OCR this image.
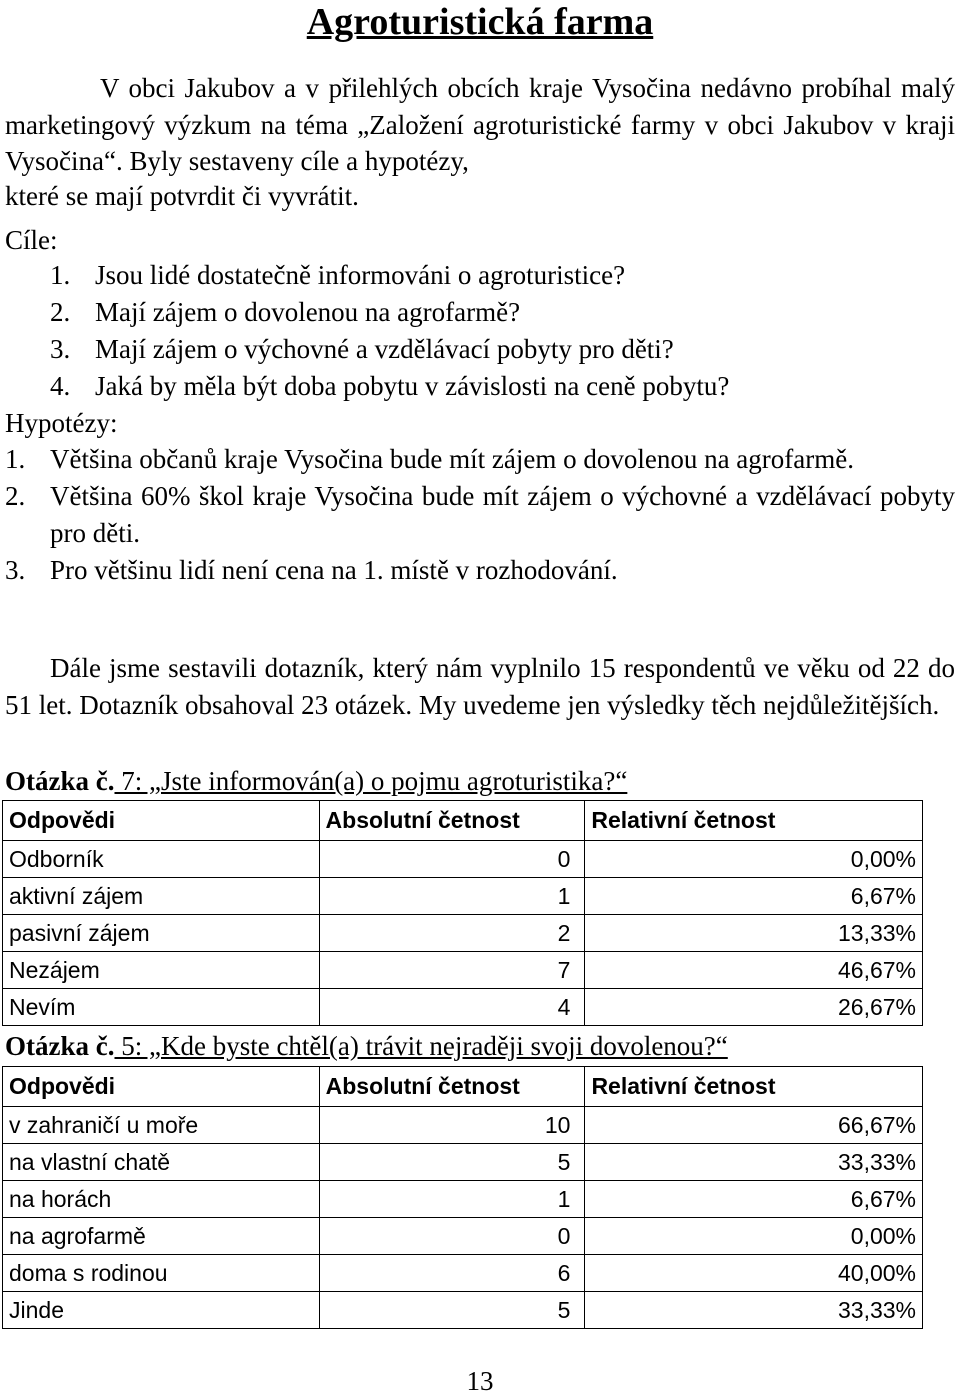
Agroturistická farma

V obci Jakubov a v přilehlých obcích kraje Vysočina nedávno probíhal malý marketingový výzkum na téma „Založení agroturistické farmy v obci Jakubov v kraji Vysočina“. Byly sestaveny cíle a hypotézy,

které se mají potvrdit či vyvrátit.

Cíle:
1. Jsou lidé dostatečně informováni o agroturistice?
2. Mají zájem o dovolenou na agrofarmě?
3. Mají zájem o výchovné a vzdělávací pobyty pro děti?
4. Jaká by měla být doba pobytu v závislosti na ceně pobytu?
Hypotézy:
1. Většina občanů kraje Vysočina bude mít zájem o dovolenou na agrofarmě.
2. Většina 60% škol kraje Vysočina bude mít zájem o výchovné a vzdělávací pobyty pro děti.
3. Pro většinu lidí není cena na 1. místě v rozhodování.

Dále jsme sestavili dotazník, který nám vyplnilo 15 respondentů ve věku od 22 do 51 let. Dotazník obsahoval 23 otázek. My uvedeme jen výsledky těch nejdůležitějších.

Otázka č. 7: „Jste informován(a) o pojmu agroturistika?“
Odpovědi	Absolutní četnost	Relativní četnost
Odborník	0	0,00%
aktivní zájem	1	6,67%
pasivní zájem	2	13,33%
Nezájem	7	46,67%
Nevím	4	26,67%
Otázka č. 5: „Kde byste chtěl(a) trávit nejraději svoji dovolenou?“
Odpovědi	Absolutní četnost	Relativní četnost
v zahraničí u moře	10	66,67%
na vlastní chatě	5	33,33%
na horách	1	6,67%
na agrofarmě	0	0,00%
doma s rodinou	6	40,00%
Jinde	5	33,33%
13
